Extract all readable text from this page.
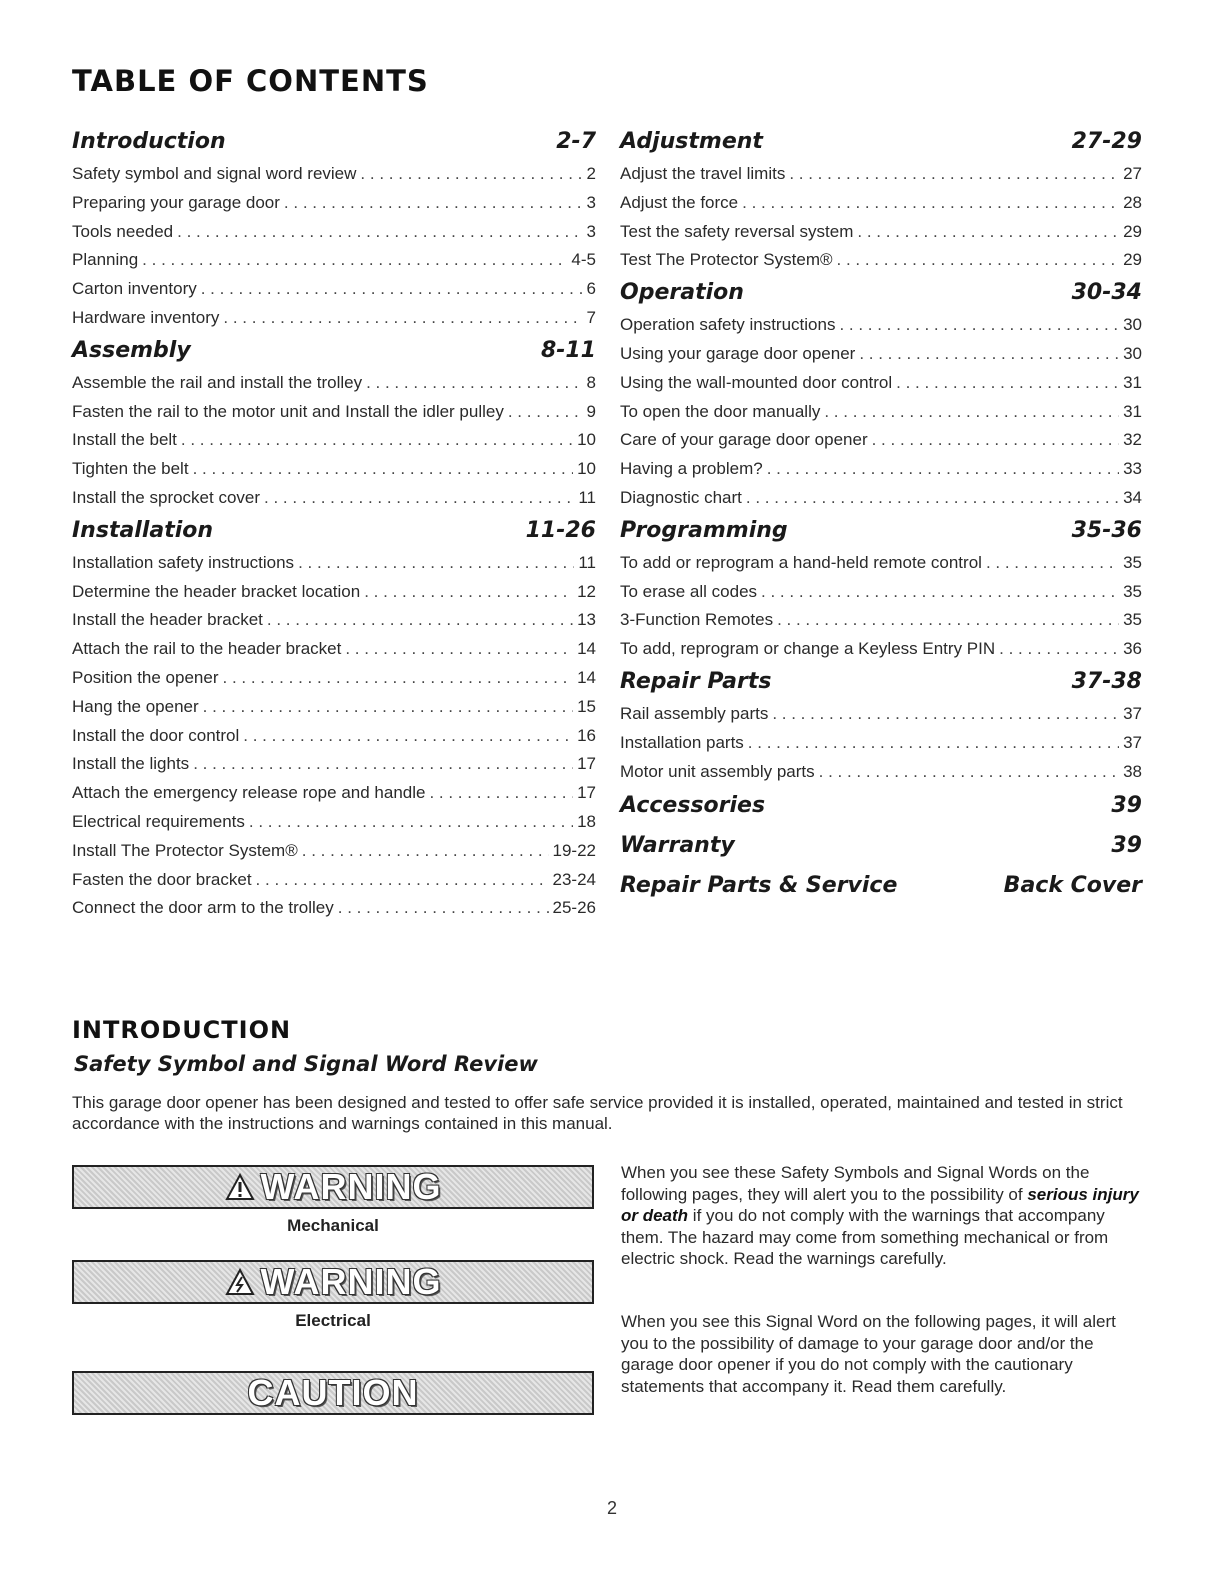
TABLE OF CONTENTS
Introduction	2-7
Safety symbol and signal word review . . .	2
Preparing your garage door . . .	3
Tools needed . . .	3
Planning . . .	4-5
Carton inventory . . .	6
Hardware inventory . . .	7
Assembly	8-11
Assemble the rail and install the trolley . . .	8
Fasten the rail to the motor unit and Install the idler pulley . . .	9
Install the belt . . .	10
Tighten the belt . . .	10
Install the sprocket cover . . .	11
Installation	11-26
Installation safety instructions . . .	11
Determine the header bracket location . . .	12
Install the header bracket . . .	13
Attach the rail to the header bracket . . .	14
Position the opener . . .	14
Hang the opener . . .	15
Install the door control . . .	16
Install the lights . . .	17
Attach the emergency release rope and handle . . .	17
Electrical requirements . . .	18
Install The Protector System® . . .	19-22
Fasten the door bracket . . .	23-24
Connect the door arm to the trolley . . .	25-26
Adjustment	27-29
Adjust the travel limits . . .	27
Adjust the force . . .	28
Test the safety reversal system . . .	29
Test The Protector System® . . .	29
Operation	30-34
Operation safety instructions . . .	30
Using your garage door opener . . .	30
Using the wall-mounted door control . . .	31
To open the door manually . . .	31
Care of your garage door opener . . .	32
Having a problem? . . .	33
Diagnostic chart . . .	34
Programming	35-36
To add or reprogram a hand-held remote control . . .	35
To erase all codes . . .	35
3-Function Remotes . . .	35
To add, reprogram or change a Keyless Entry PIN . . .	36
Repair Parts	37-38
Rail assembly parts . . .	37
Installation parts . . .	37
Motor unit assembly parts . . .	38
Accessories	39
Warranty	39
Repair Parts & Service	Back Cover
INTRODUCTION
Safety Symbol and Signal Word Review
This garage door opener has been designed and tested to offer safe service provided it is installed, operated, maintained and tested in strict accordance with the instructions and warnings contained in this manual.
WARNING
Mechanical
WARNING
Electrical
CAUTION
When you see these Safety Symbols and Signal Words on the following pages, they will alert you to the possibility of serious injury or death if you do not comply with the warnings that accompany them. The hazard may come from something mechanical or from electric shock. Read the warnings carefully.
When you see this Signal Word on the following pages, it will alert you to the possibility of damage to your garage door and/or the garage door opener if you do not comply with the cautionary statements that accompany it. Read them carefully.
2
